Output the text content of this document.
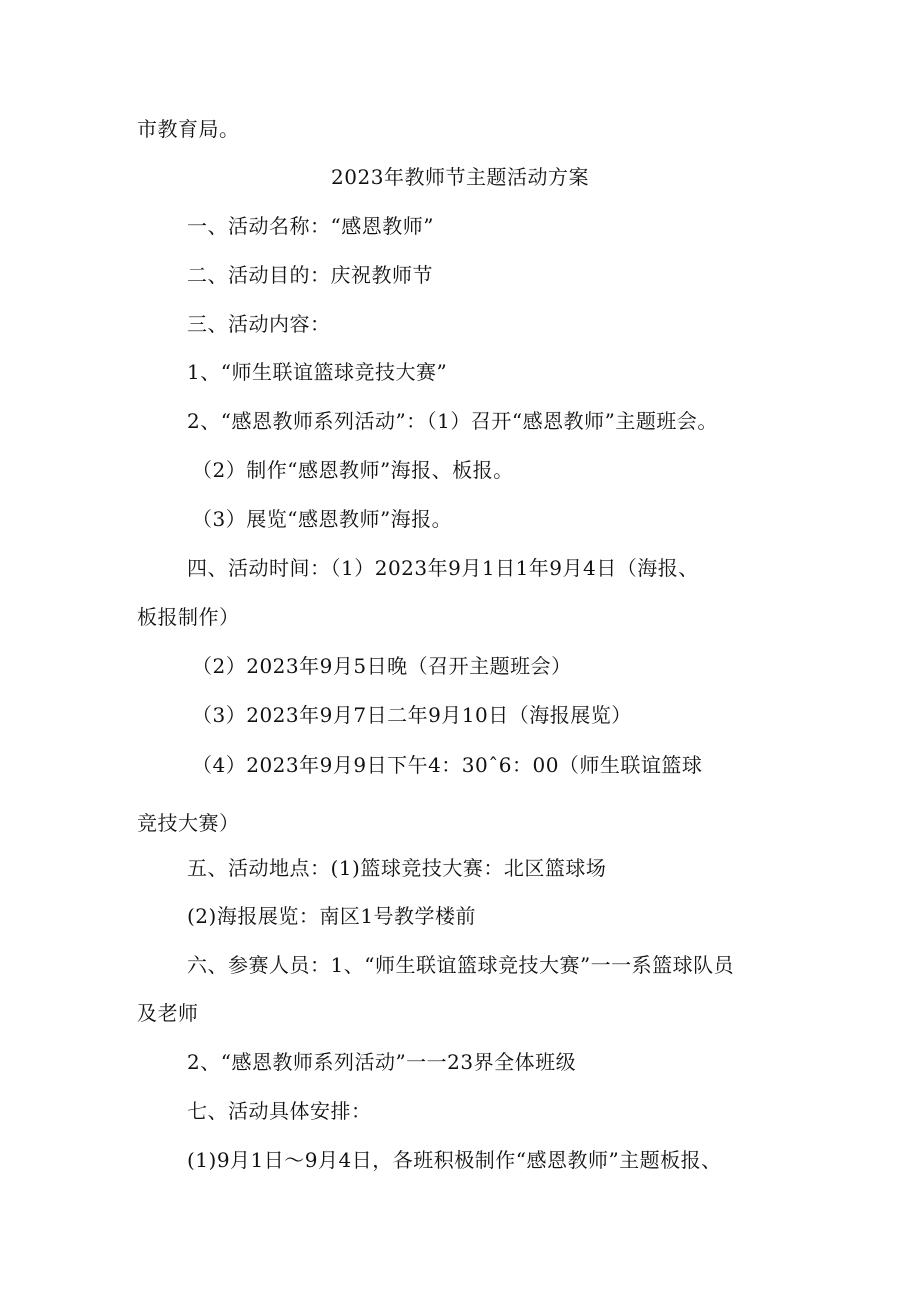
市教育局。
2023年教师节主题活动方案
一、活动名称：“感恩教师”
二、活动目的：庆祝教师节
三、活动内容：
1、“师生联谊篮球竞技大赛”
2、“感恩教师系列活动”：（1）召开“感恩教师”主题班会。
（2）制作“感恩教师”海报、板报。
（3）展览“感恩教师”海报。
四、活动时间：（1）2023年9月1日1年9月4日（海报、
板报制作）
（2）2023年9月5日晚（召开主题班会）
（3）2023年9月7日二年9月10日（海报展览）
（4）2023年9月9日下午4：30ˆ6：00（师生联谊篮球
竞技大赛）
五、活动地点：(1)篮球竞技大赛：北区篮球场
(2)海报展览：南区1号教学楼前
六、参赛人员：1、“师生联谊篮球竞技大赛”一一系篮球队员
及老师
2、“感恩教师系列活动”一一23界全体班级
七、活动具体安排：
(1)9月1日～9月4日，各班积极制作“感恩教师”主题板报、
